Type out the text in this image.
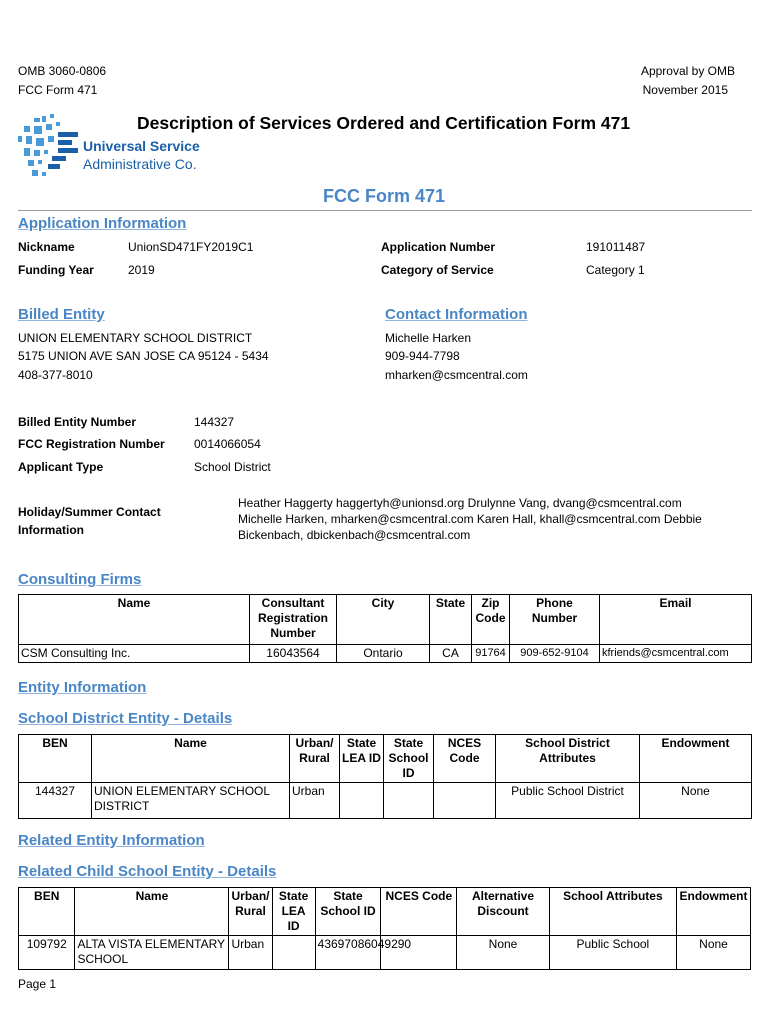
OMB 3060-0806
FCC Form 471
Approval by OMB
November 2015
Universal Service
Administrative Co.
Description of Services Ordered and Certification Form 471
FCC Form 471
Application Information
Nickname	UnionSD471FY2019C1	Application Number	191011487
Funding Year	2019	Category of Service	Category 1
Billed Entity	Contact Information
UNION ELEMENTARY SCHOOL DISTRICT
5175 UNION AVE SAN JOSE CA 95124 - 5434
408-377-8010
Michelle Harken
909-944-7798
mharken@csmcentral.com
Billed Entity Number	144327
FCC Registration Number 0014066054
Applicant Type	School District
Holiday/Summer Contact
Information
Heather Haggerty haggertyh@unionsd.org Drulynne Vang, dvang@csmcentral.com
Michelle Harken, mharken@csmcentral.com Karen Hall, khall@csmcentral.com Debbie
Bickenbach, dbickenbach@csmcentral.com
Consulting Firms
Name	Consultant Registration Number	City	State	Zip Code	Phone Number	Email
CSM Consulting Inc.	16043564	Ontario	CA	91764	909-652-9104	kfriends@csmcentral.com
Entity Information
School District Entity - Details
BEN	Name	Urban/ Rural	State LEA ID	State School ID	NCES Code	School District Attributes	Endowment
144327	UNION ELEMENTARY SCHOOL DISTRICT	Urban				Public School District	None
Related Entity Information
Related Child School Entity - Details
BEN	Name	Urban/ Rural	State LEA ID	State School ID	NCES Code	Alternative Discount	School Attributes	Endowment
109792	ALTA VISTA ELEMENTARY SCHOOL	Urban		43697086049290		None	Public School	None
Page 1
